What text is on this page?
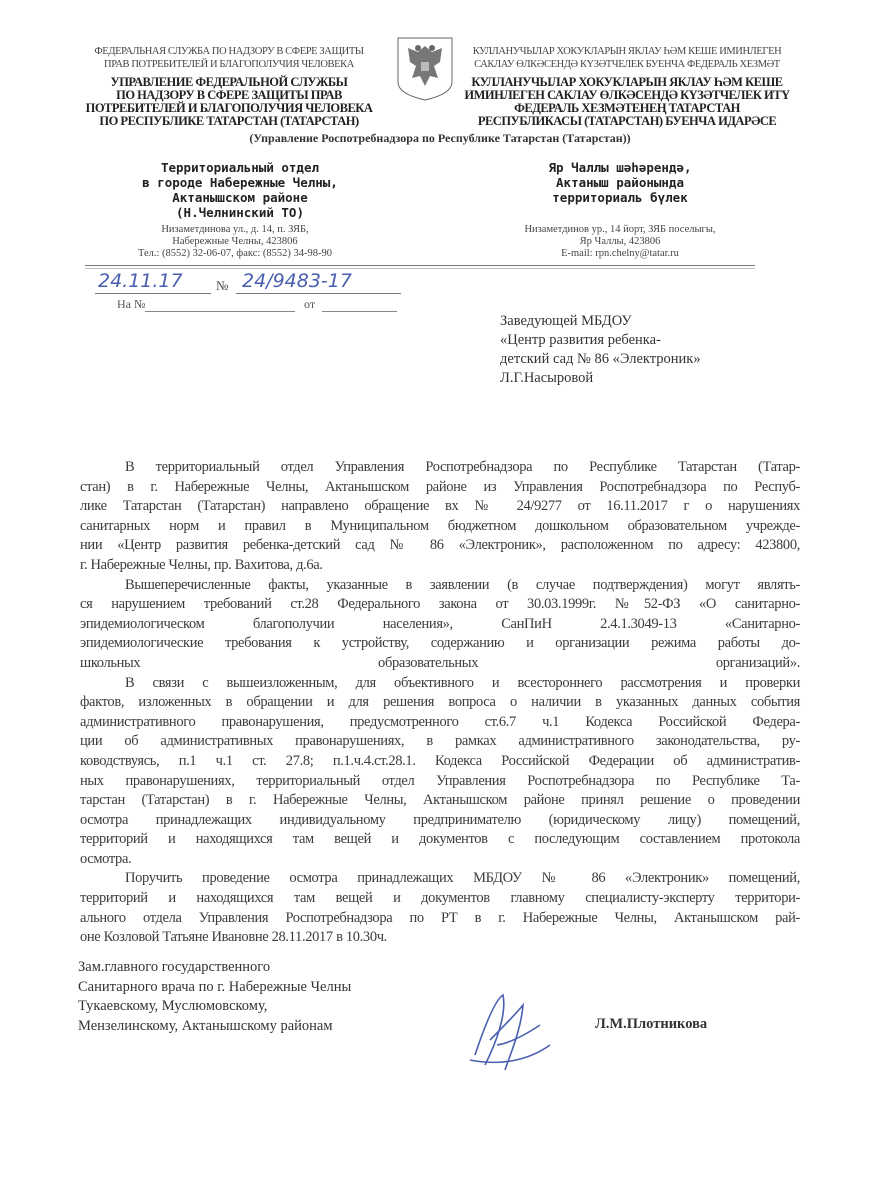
ФЕДЕРАЛЬНАЯ СЛУЖБА ПО НАДЗОРУ В СФЕРЕ ЗАЩИТЫ
ПРАВ ПОТРЕБИТЕЛЕЙ И БЛАГОПОЛУЧИЯ ЧЕЛОВЕКА
УПРАВЛЕНИЕ ФЕДЕРАЛЬНОЙ СЛУЖБЫ
ПО НАДЗОРУ В СФЕРЕ ЗАЩИТЫ ПРАВ
ПОТРЕБИТЕЛЕЙ И БЛАГОПОЛУЧИЯ ЧЕЛОВЕКА
ПО РЕСПУБЛИКЕ ТАТАРСТАН (ТАТАРСТАН)
КУЛЛАНУЧЫЛАР ХОКУКЛАРЫН ЯКЛАУ ҺӘМ КЕШЕ ИМИНЛЕГЕН
САКЛАУ ӨЛКӘСЕНДӘ КҮЗӘТЧЕЛЕК БУЕНЧА ФЕДЕРАЛЬ ХЕЗМӘТ
КУЛЛАНУЧЫЛАР ХОКУКЛАРЫН ЯКЛАУ ҺӘМ КЕШЕ
ИМИНЛЕГЕН САКЛАУ ӨЛКӘСЕНДӘ КҮЗӘТЧЕЛЕК ИТҮ
ФЕДЕРАЛЬ ХЕЗМӘТЕНЕҢ ТАТАРСТАН
РЕСПУБЛИКАСЫ (ТАТАРСТАН) БУЕНЧА ИДАРӘСЕ
(Управление Роспотребнадзора по Республике Татарстан (Татарстан))
Территориальный отдел
в городе Набережные Челны,
Актанышском районе
(Н.Челнинский ТО)
Яр Чаллы шәһәрендә,
Актаныш районында
территориаль бүлек
Низаметдинова ул., д. 14, п. ЗЯБ,
Набережные Челны, 423806
Тел.: (8552) 32-06-07, факс: (8552) 34-98-90
Низаметдинов ур., 14 йорт, ЗЯБ поселыгы,
Яр Чаллы, 423806
E-mail: rpn.chelny@tatar.ru
24.11.17	№ 24/9483-17
На №	от
Заведующей МБДОУ
«Центр развития ребенка-
детский сад № 86 «Электроник»
Л.Г.Насыровой
В территориальный отдел Управления Роспотребнадзора по Республике Татарстан (Татар-
стан) в г. Набережные Челны, Актанышском районе из Управления Роспотребнадзора по Респуб-
лике Татарстан (Татарстан) направлено обращение вх № 24/9277 от 16.11.2017 г о нарушениях
санитарных норм и правил в Муниципальном бюджетном дошкольном образовательном учрежде-
нии «Центр развития ребенка-детский сад № 86 «Электроник», расположенном по адресу: 423800,
г. Набережные Челны, пр. Вахитова, д.6а.
Вышеперечисленные факты, указанные в заявлении (в случае подтверждения) могут являть-
ся нарушением требований ст.28 Федерального закона от 30.03.1999г. №52-ФЗ «О санитарно-
эпидемиологическом благополучии населения», СанПиН 2.4.1.3049-13 «Санитарно-
эпидемиологические требования к устройству, содержанию и организации режима работы до-
школьных образовательных организаций».
В связи с вышеизложенным, для объективного и всестороннего рассмотрения и проверки
фактов, изложенных в обращении и для решения вопроса о наличии в указанных данных события
административного правонарушения, предусмотренного ст.6.7 ч.1 Кодекса Российской Федера-
ции об административных правонарушениях, в рамках административного законодательства, ру-
ководствуясь, п.1 ч.1 ст. 27.8; п.1.ч.4.ст.28.1. Кодекса Российской Федерации об административ-
ных правонарушениях, территориальный отдел Управления Роспотребнадзора по Республике Та-
тарстан (Татарстан) в г. Набережные Челны, Актанышском районе принял решение о проведении
осмотра принадлежащих индивидуальному предпринимателю (юридическому лицу) помещений,
территорий и находящихся там вещей и документов с последующим составлением протокола
осмотра.
Поручить проведение осмотра принадлежащих МБДОУ № 86 «Электроник» помещений,
территорий и находящихся там вещей и документов главному специалисту-эксперту территори-
ального отдела Управления Роспотребнадзора по РТ в г. Набережные Челны, Актанышском рай-
оне Козловой Татьяне Ивановне 28.11.2017 в 10.30ч.
Зам.главного государственного
Санитарного врача по г. Набережные Челны
Тукаевскому, Муслюмовскому,
Мензелинскому, Актанышскому районам	Л.М.Плотникова
